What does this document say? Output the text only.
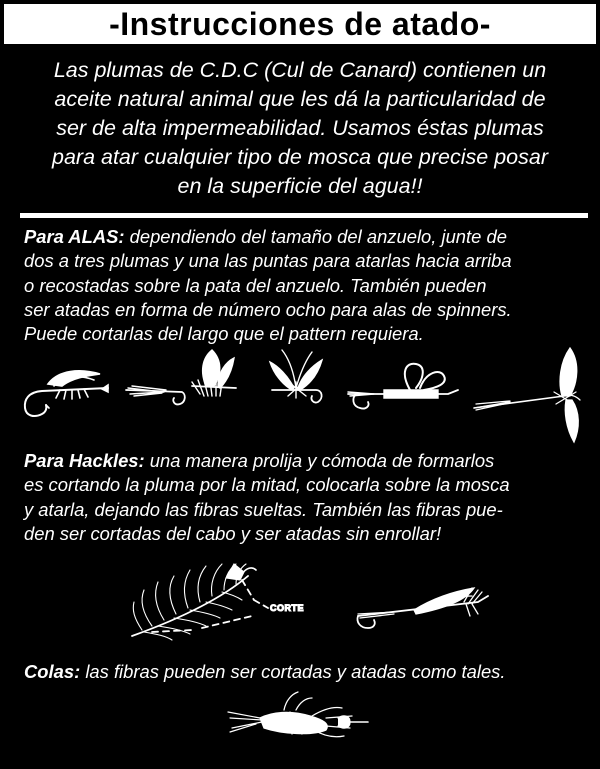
-Instrucciones de atado-
Las plumas de C.D.C (Cul de Canard) contienen un
aceite natural animal que les dá la particularidad de
ser de alta impermeabilidad. Usamos éstas plumas
para atar cualquier tipo de mosca que precise posar
en la superficie del agua!!
Para ALAS: dependiendo del tamaño del anzuelo, junte de
dos a tres plumas y una las puntas para atarlas hacia arriba
o recostadas sobre la pata del anzuelo. También pueden
ser atadas en forma de número ocho para alas de spinners.
Puede cortarlas del largo que el pattern requiera.
Para Hackles: una manera prolija y cómoda de formarlos
es cortando la pluma por la mitad, colocarla sobre la mosca
y atarla, dejando las fibras sueltas. También las fibras pue-
den ser cortadas del cabo y ser atadas sin enrollar!
CORTE
Colas: las fibras pueden ser cortadas y atadas como tales.
